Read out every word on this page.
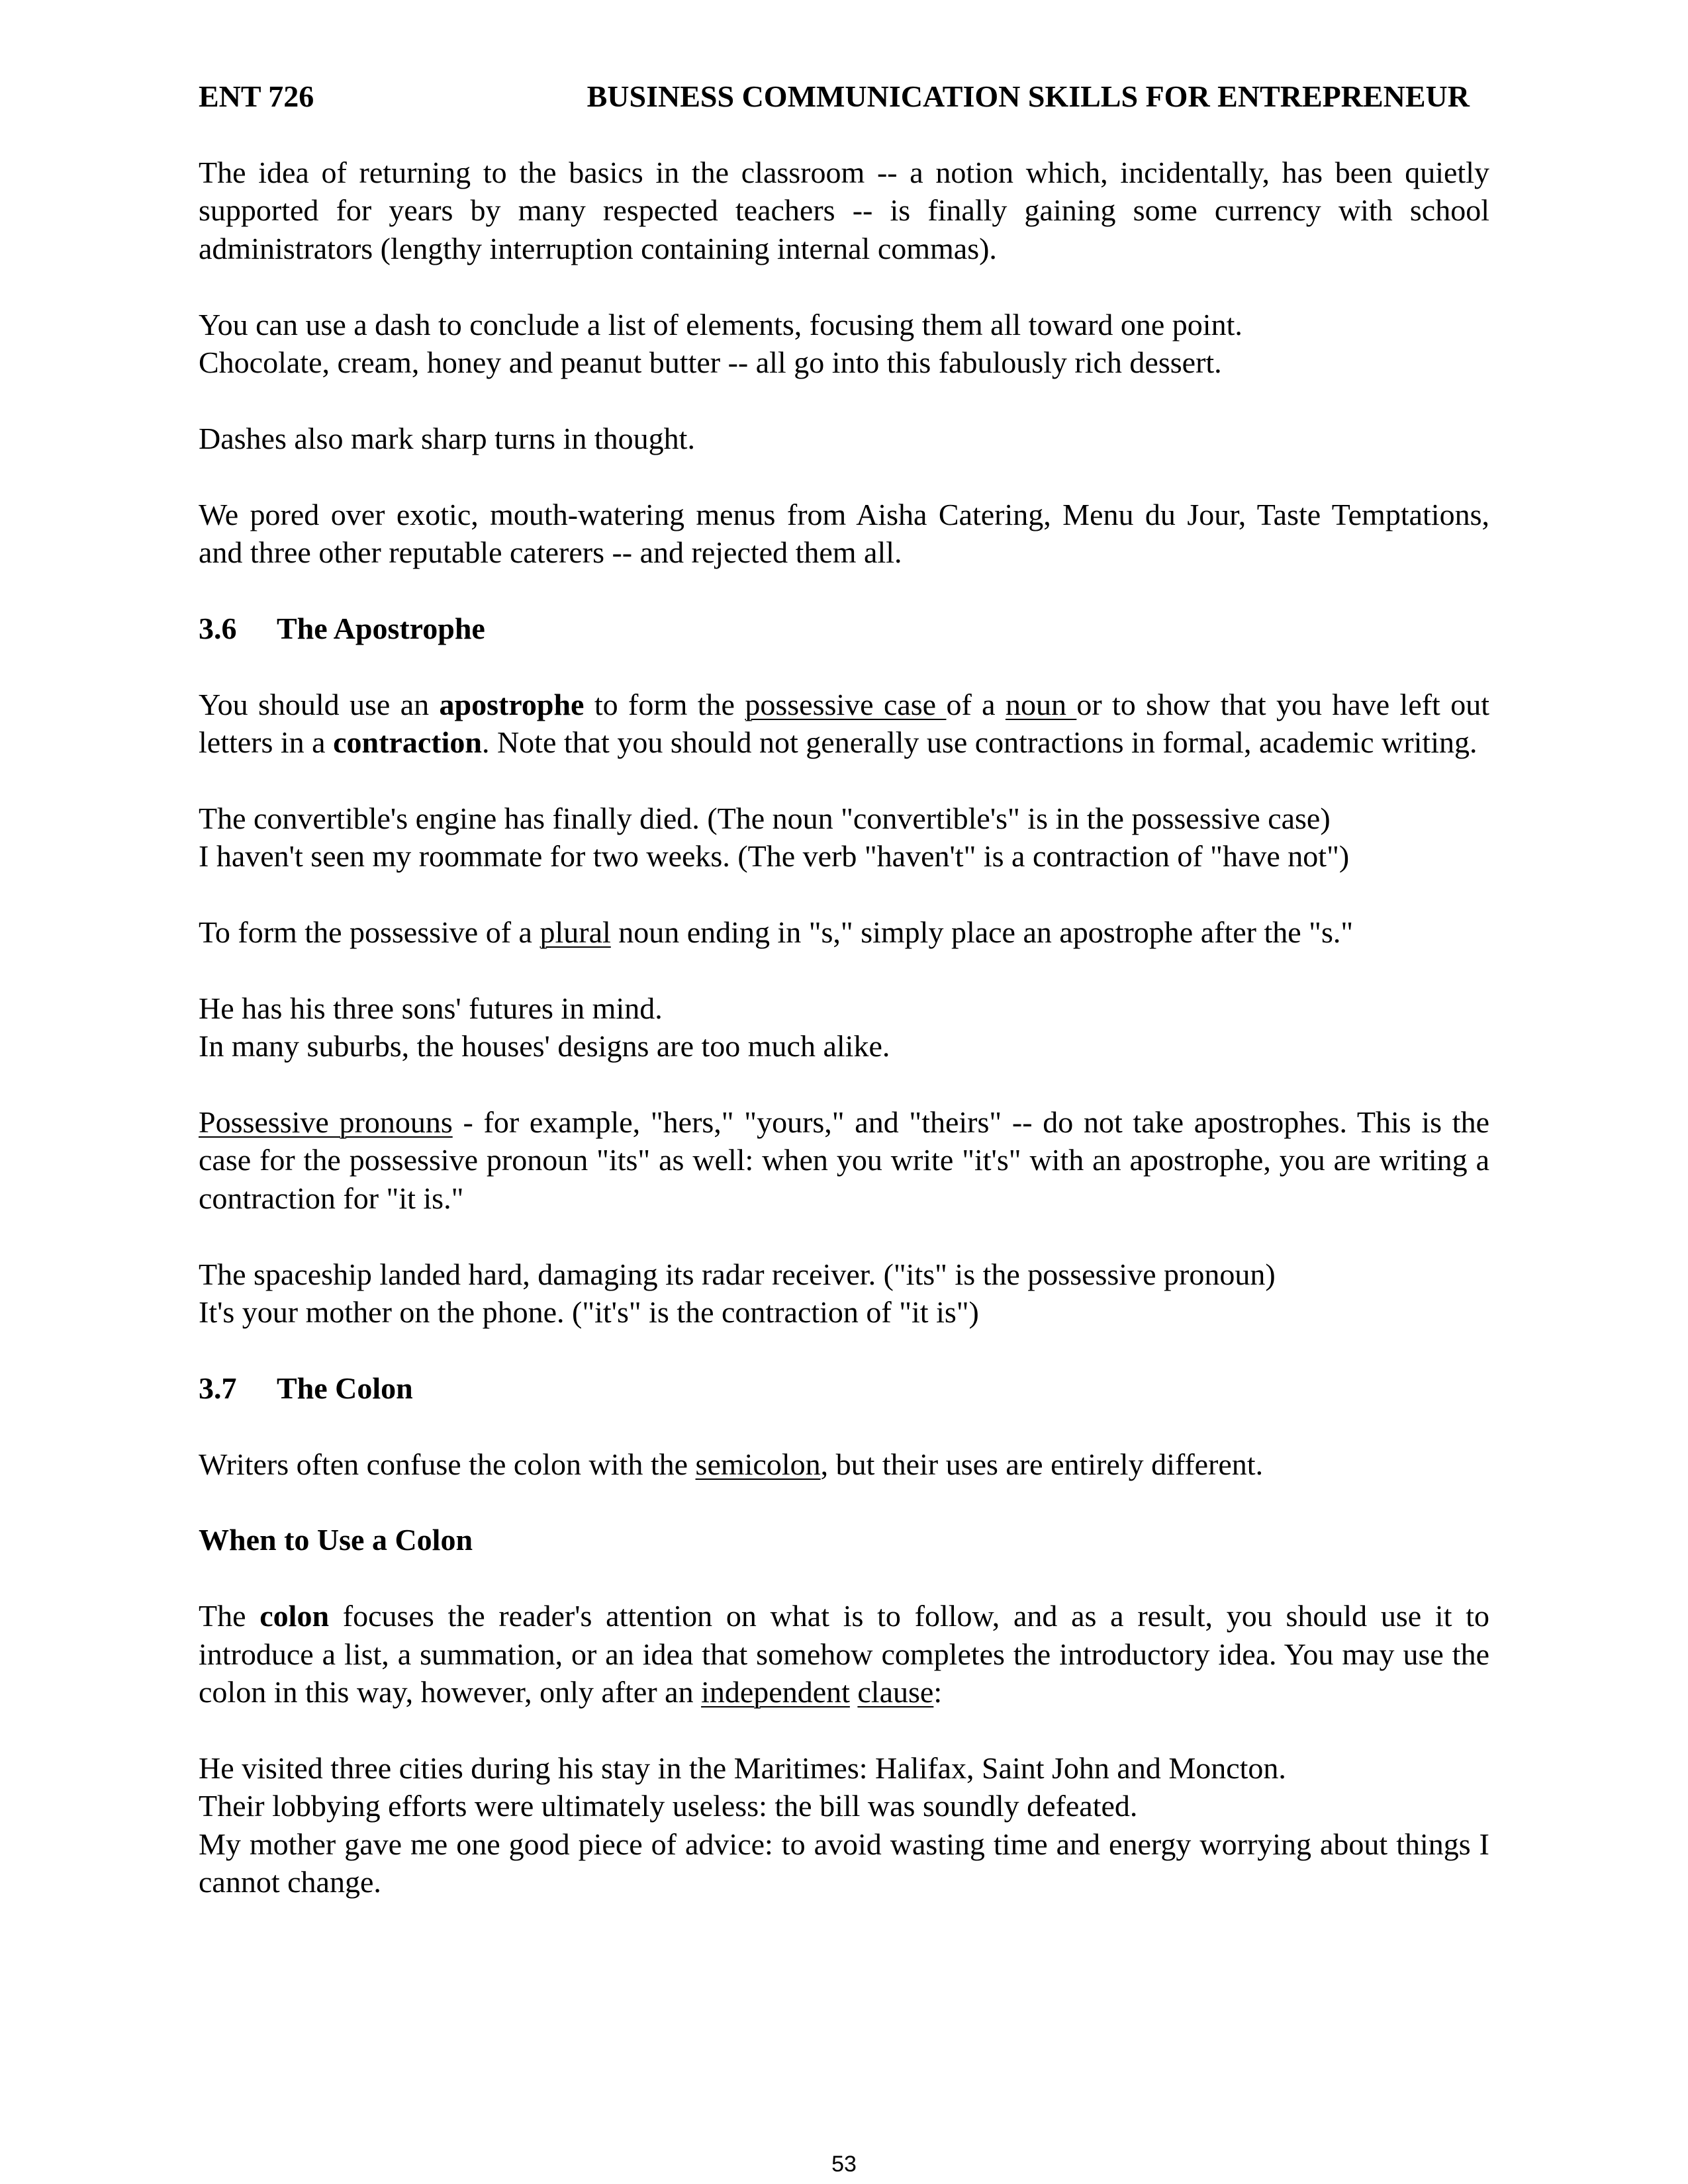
ENT 726	BUSINESS COMMUNICATION SKILLS FOR ENTREPRENEUR

The idea of returning to the basics in the classroom -- a notion which, incidentally, has been quietly supported for years by many respected teachers -- is finally gaining some currency with school administrators (lengthy interruption containing internal commas).

You can use a dash to conclude a list of elements, focusing them all toward one point.

Chocolate, cream, honey and peanut butter -- all go into this fabulously rich dessert.

Dashes also mark sharp turns in thought.

We pored over exotic, mouth-watering menus from Aisha Catering, Menu du Jour, Taste Temptations, and three other reputable caterers -- and rejected them all.

3.6 The Apostrophe

You should use an apostrophe to form the possessive case of a noun or to show that you have left out letters in a contraction. Note that you should not generally use contractions in formal, academic writing.

The convertible's engine has finally died. (The noun "convertible's" is in the possessive case)

I haven't seen my roommate for two weeks. (The verb "haven't" is a contraction of "have not")

To form the possessive of a plural noun ending in "s," simply place an apostrophe after the "s."

He has his three sons' futures in mind.

In many suburbs, the houses' designs are too much alike.

Possessive pronouns - for example, "hers," "yours," and "theirs" -- do not take apostrophes. This is the case for the possessive pronoun "its" as well: when you write "it's" with an apostrophe, you are writing a contraction for "it is."

The spaceship landed hard, damaging its radar receiver. ("its" is the possessive pronoun)

It's your mother on the phone. ("it's" is the contraction of "it is")

3.7 The Colon

Writers often confuse the colon with the semicolon, but their uses are entirely different.

When to Use a Colon

The colon focuses the reader's attention on what is to follow, and as a result, you should use it to introduce a list, a summation, or an idea that somehow completes the introductory idea. You may use the colon in this way, however, only after an independent clause:

He visited three cities during his stay in the Maritimes: Halifax, Saint John and Moncton.

Their lobbying efforts were ultimately useless: the bill was soundly defeated.

My mother gave me one good piece of advice: to avoid wasting time and energy worrying about things I cannot change.

53
